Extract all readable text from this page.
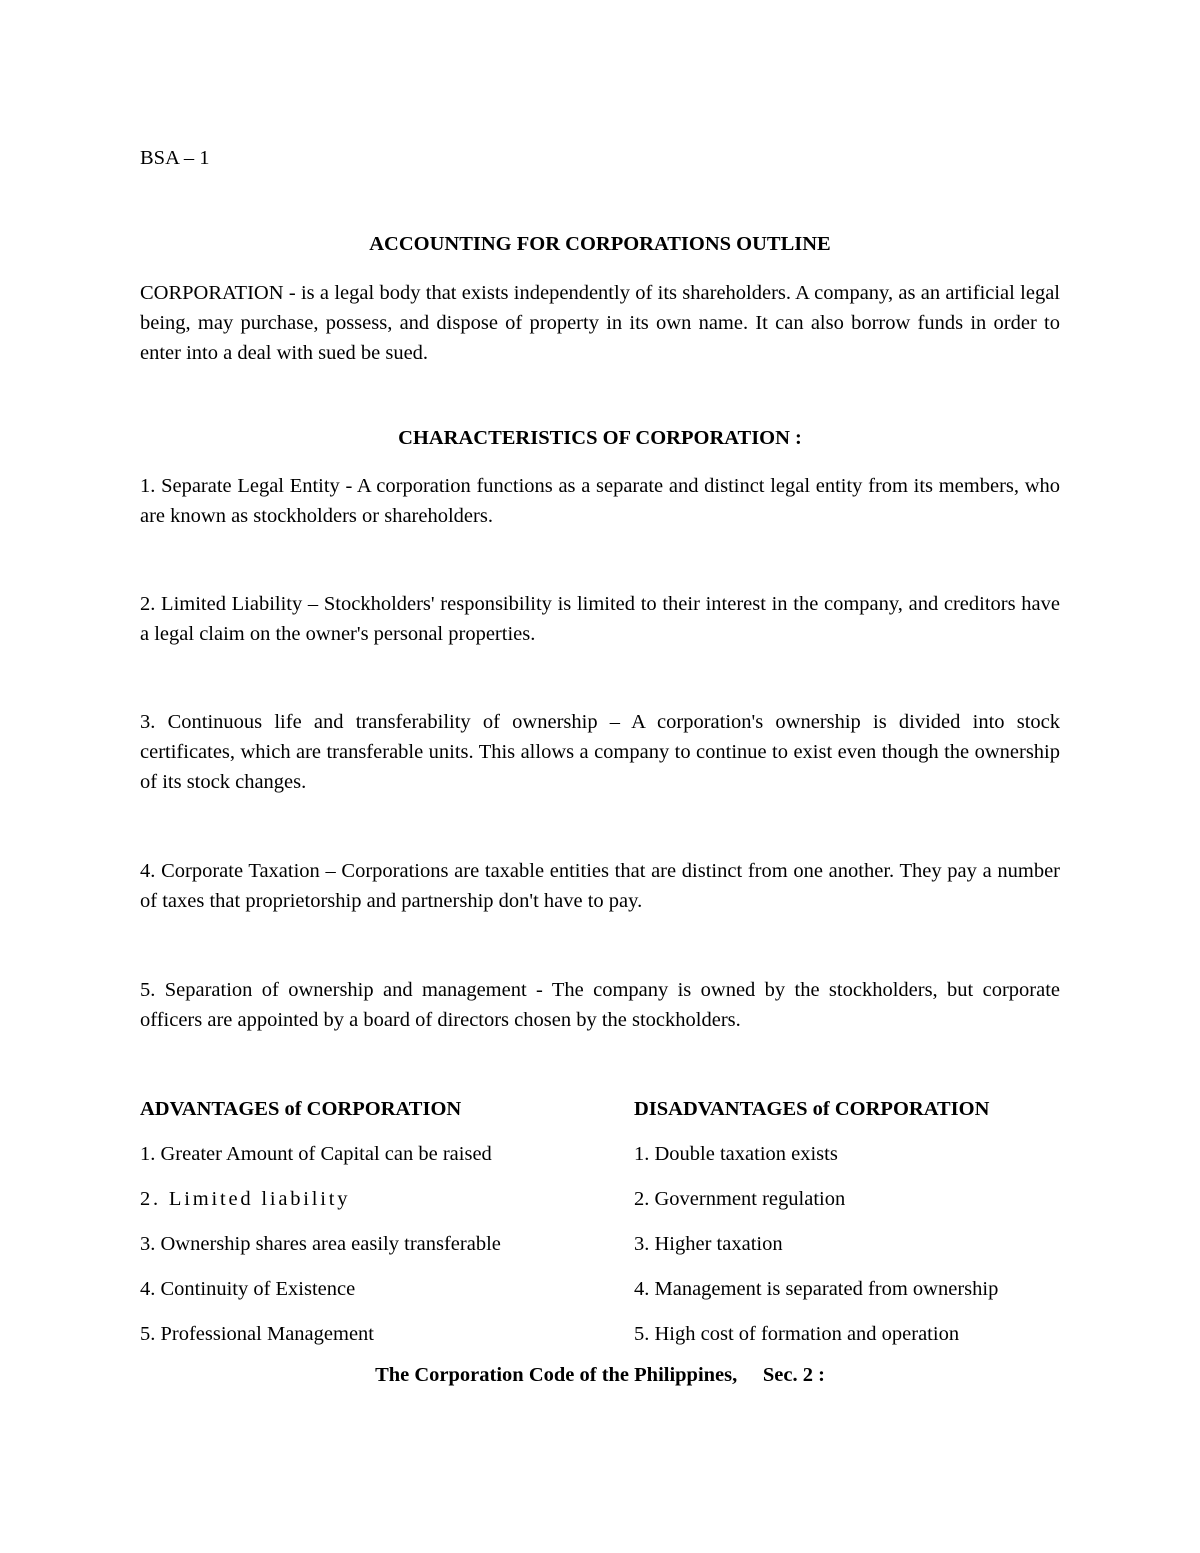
BSA – 1
ACCOUNTING FOR CORPORATIONS OUTLINE
CORPORATION - is a legal body that exists independently of its shareholders. A company, as an artificial legal being, may purchase, possess, and dispose of property in its own name. It can also borrow funds in order to enter into a deal with sued be sued.
CHARACTERISTICS OF CORPORATION :
1. Separate Legal Entity - A corporation functions as a separate and distinct legal entity from its members, who are known as stockholders or shareholders.
2. Limited Liability – Stockholders' responsibility is limited to their interest in the company, and creditors have a legal claim on the owner's personal properties.
3. Continuous life and transferability of ownership – A corporation's ownership is divided into stock certificates, which are transferable units. This allows a company to continue to exist even though the ownership of its stock changes.
4. Corporate Taxation – Corporations are taxable entities that are distinct from one another. They pay a number of taxes that proprietorship and partnership don't have to pay.
5. Separation of ownership and management - The company is owned by the stockholders, but corporate officers are appointed by a board of directors chosen by the stockholders.
ADVANTAGES of CORPORATION
1. Greater Amount of Capital can be raised
2. Limited liability
3. Ownership shares area easily transferable
4. Continuity of Existence
5. Professional Management
DISADVANTAGES of CORPORATION
1. Double taxation exists
2. Government regulation
3. Higher taxation
4. Management is separated from ownership
5. High cost of formation and operation
The Corporation Code of the Philippines,     Sec. 2 :
